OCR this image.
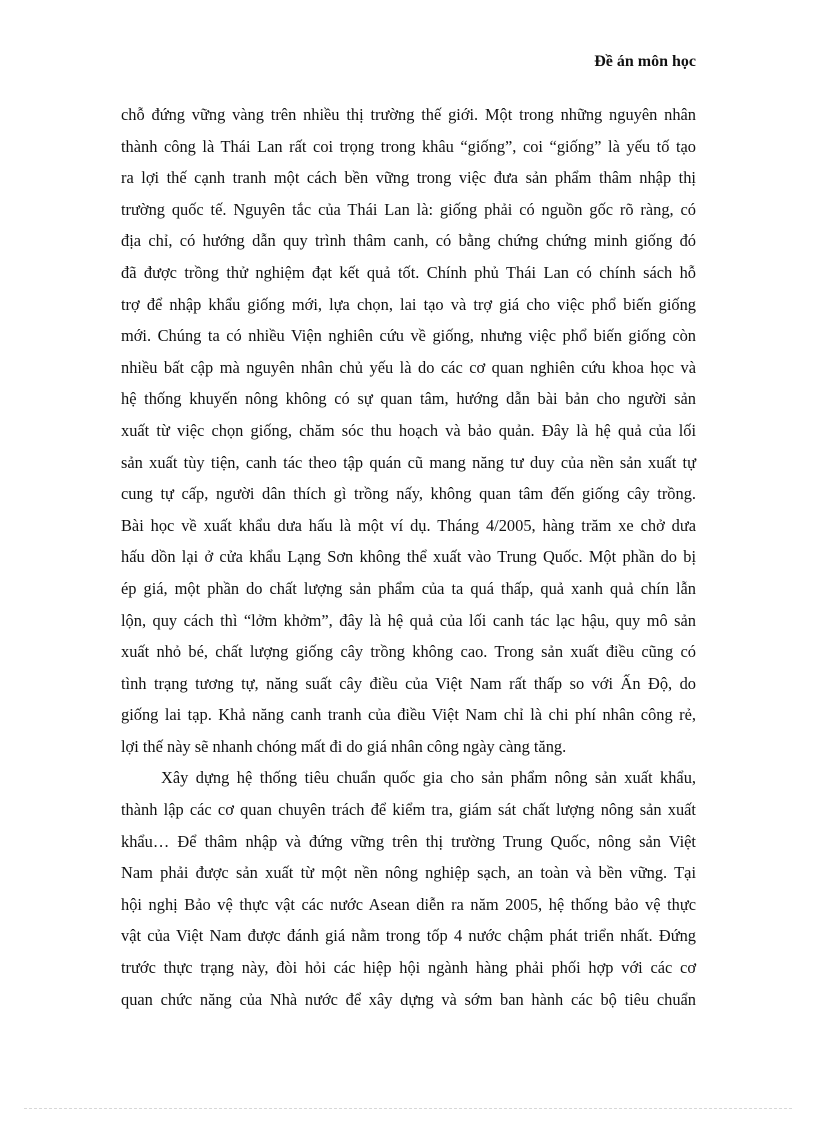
Đề án môn học
chỗ đứng vững vàng trên nhiều thị trường thế giới. Một trong những nguyên nhân
thành công là Thái Lan rất coi trọng trong khâu “giống”, coi “giống” là yếu tố tạo
ra lợi thế cạnh tranh một cách bền vững trong việc đưa sản phẩm thâm nhập thị
trường quốc tế. Nguyên tắc của Thái Lan là: giống phải có nguồn gốc rõ ràng, có
địa chỉ, có hướng dẫn quy trình thâm canh, có bằng chứng chứng minh giống đó
đã được trồng thử nghiệm đạt kết quả tốt. Chính phủ Thái Lan có chính sách hỗ
trợ để nhập khẩu giống mới, lựa chọn, lai tạo và trợ giá cho việc phổ biến giống
mới. Chúng ta có nhiều Viện nghiên cứu về giống, nhưng việc phổ biến giống còn
nhiều bất cập mà nguyên nhân chủ yếu là do các cơ quan nghiên cứu khoa học và
hệ thống khuyến nông không có sự quan tâm, hướng dẫn bài bản cho người sản
xuất từ việc chọn giống, chăm sóc thu hoạch và bảo quản. Đây là hệ quả của lối
sản xuất tùy tiện, canh tác theo tập quán cũ mang năng tư duy của nền sản xuất tự
cung tự cấp, người dân thích gì trồng nấy, không quan tâm đến giống cây trồng.
Bài học về xuất khẩu dưa hấu là một ví dụ. Tháng 4/2005, hàng trăm xe chở dưa
hấu dồn lại ở cửa khẩu Lạng Sơn không thể xuất vào Trung Quốc. Một phần do bị
ép giá, một phần do chất lượng sản phẩm của ta quá thấp, quả xanh quả chín lẫn
lộn, quy cách thì “lởm khởm”, đây là hệ quả của lối canh tác lạc hậu, quy mô sản
xuất nhỏ bé, chất lượng giống cây trồng không cao. Trong sản xuất điều cũng có
tình trạng tương tự, năng suất cây điều của Việt Nam rất thấp so với Ấn Độ, do
giống lai tạp. Khả năng canh tranh của điều Việt Nam chỉ là chi phí nhân công rẻ,
lợi thế này sẽ nhanh chóng mất đi do giá nhân công ngày càng tăng.
Xây dựng hệ thống tiêu chuẩn quốc gia cho sản phẩm nông sản xuất khẩu,
thành lập các cơ quan chuyên trách để kiểm tra, giám sát chất lượng nông sản xuất
khẩu… Để thâm nhập và đứng vững trên thị trường Trung Quốc, nông sản Việt
Nam phải được sản xuất từ một nền nông nghiệp sạch, an toàn và bền vững. Tại
hội nghị Bảo vệ thực vật các nước Asean diễn ra năm 2005, hệ thống bảo vệ thực
vật của Việt Nam được đánh giá nằm trong tốp 4 nước chậm phát triển nhất. Đứng
trước thực trạng này, đòi hỏi các hiệp hội ngành hàng phải phối hợp với các cơ
quan chức năng của Nhà nước để xây dựng và sớm ban hành các bộ tiêu chuẩn
